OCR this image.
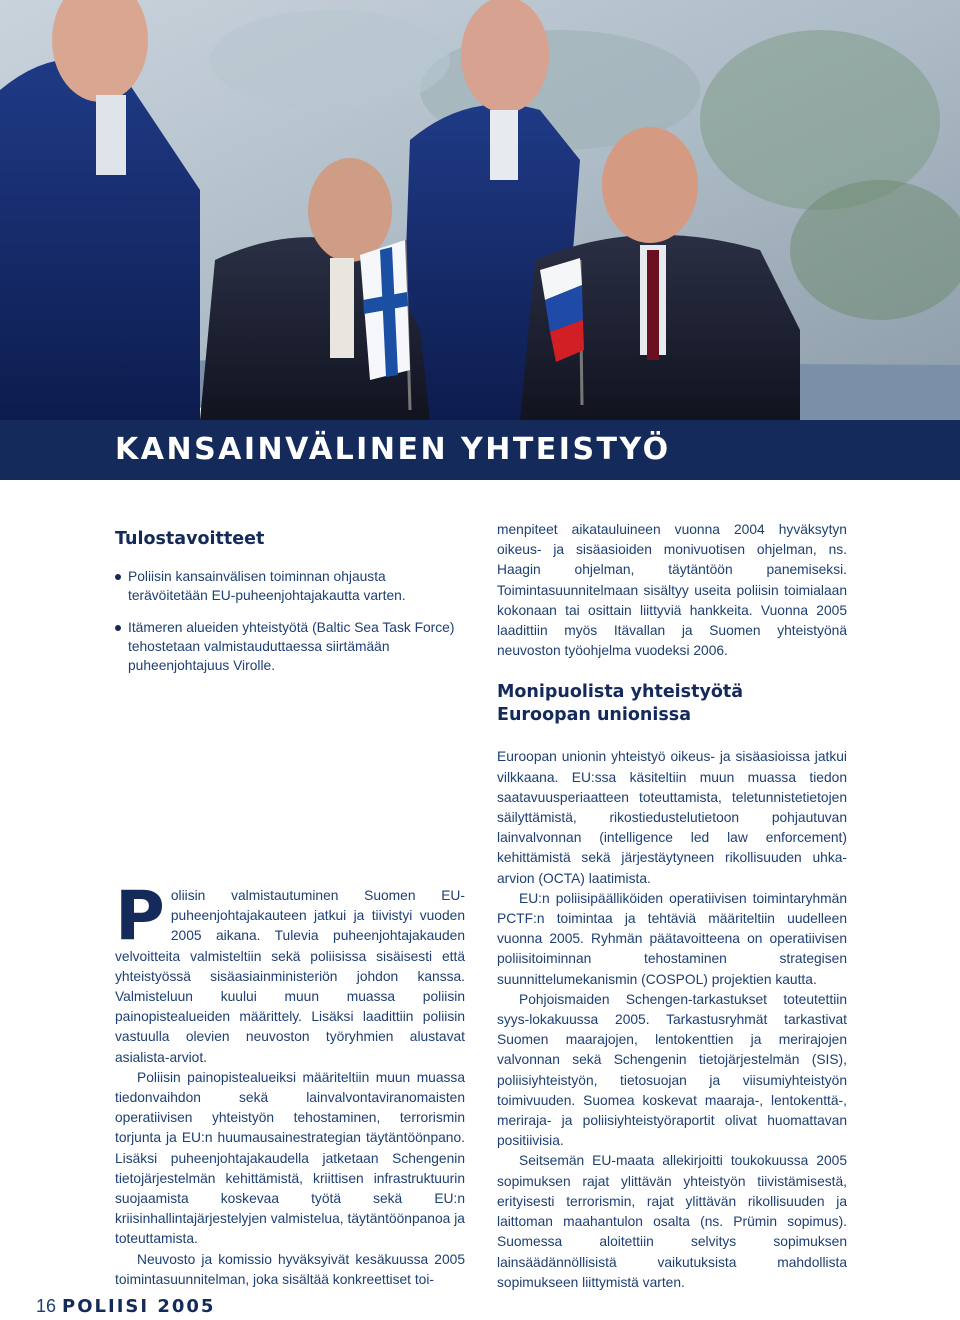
KANSAINVÄLINEN YHTEISTYÖ
Tulostavoitteet
Poliisin kansainvälisen toiminnan ohjausta terävöitetään EU-puheenjohtajakautta varten.
Itämeren alueiden yhteistyötä (Baltic Sea Task Force) tehostetaan valmistauduttaessa siirtämään puheenjohtajuus Virolle.

Poliisin valmistautuminen Suomen EU-puheenjohtajakauteen jatkui ja tiivistyi vuoden 2005 aikana. Tulevia puheenjohtajakauden velvoitteita valmisteltiin sekä poliisissa sisäisesti että yhteistyössä sisäasiainministeriön johdon kanssa. Valmisteluun kuului muun muassa poliisin painopistealueiden määrittely. Lisäksi laadittiin poliisin vastuulla olevien neuvoston työryhmien alustavat asialista-arviot.

Poliisin painopistealueiksi määriteltiin muun muassa tiedonvaihdon sekä lainvalvontaviranomaisten operatiivisen yhteistyön tehostaminen, terrorismin torjunta ja EU:n huumausainestrategian täytäntöönpano. Lisäksi puheenjohtajakaudella jatketaan Schengenin tietojärjestelmän kehittämistä, kriittisen infrastruktuurin suojaamista koskevaa työtä sekä EU:n kriisinhallintajärjestelyjen valmistelua, täytäntöönpanoa ja toteuttamista.

Neuvosto ja komissio hyväksyivät kesäkuussa 2005 toimintasuunnitelman, joka sisältää konkreettiset toi-

menpiteet aikatauluineen vuonna 2004 hyväksytyn oikeus- ja sisäasioiden monivuotisen ohjelman, ns. Haagin ohjelman, täytäntöön panemiseksi. Toimintasuunnitelmaan sisältyy useita poliisin toimialaan kokonaan tai osittain liittyviä hankkeita. Vuonna 2005 laadittiin myös Itävallan ja Suomen yhteistyönä neuvoston työohjelma vuodeksi 2006.

Monipuolista yhteistyötä
Euroopan unionissa

Euroopan unionin yhteistyö oikeus- ja sisäasioissa jatkui vilkkaana. EU:ssa käsiteltiin muun muassa tiedon saatavuusperiaatteen toteuttamista, teletunnistetietojen säilyttämistä, rikostiedustelutietoon pohjautuvan lainvalvonnan (intelligence led law enforcement) kehittämistä sekä järjestäytyneen rikollisuuden uhka-arvion (OCTA) laatimista.

EU:n poliisipäälliköiden operatiivisen toimintaryhmän PCTF:n toimintaa ja tehtäviä määriteltiin uudelleen vuonna 2005. Ryhmän päätavoitteena on operatiivisen poliisitoiminnan tehostaminen strategisen suunnittelumekanismin (COSPOL) projektien kautta.

Pohjoismaiden Schengen-tarkastukset toteutettiin syys-lokakuussa 2005. Tarkastusryhmät tarkastivat Suomen maarajojen, lentokenttien ja merirajojen valvonnan sekä Schengenin tietojärjestelmän (SIS), poliisiyhteistyön, tietosuojan ja viisumiyhteistyön toimivuuden. Suomea koskevat maaraja-, lentokenttä-, meriraja- ja poliisiyhteistyöraportit olivat huomattavan positiivisia.

Seitsemän EU-maata allekirjoitti toukokuussa 2005 sopimuksen rajat ylittävän yhteistyön tiivistämisestä, erityisesti terrorismin, rajat ylittävän rikollisuuden ja laittoman maahantulon osalta (ns. Prümin sopimus). Suomessa aloitettiin selvitys sopimuksen lainsäädännöllisistä vaikutuksista mahdollista sopimukseen liittymistä varten.

16 POLIISI 2005
